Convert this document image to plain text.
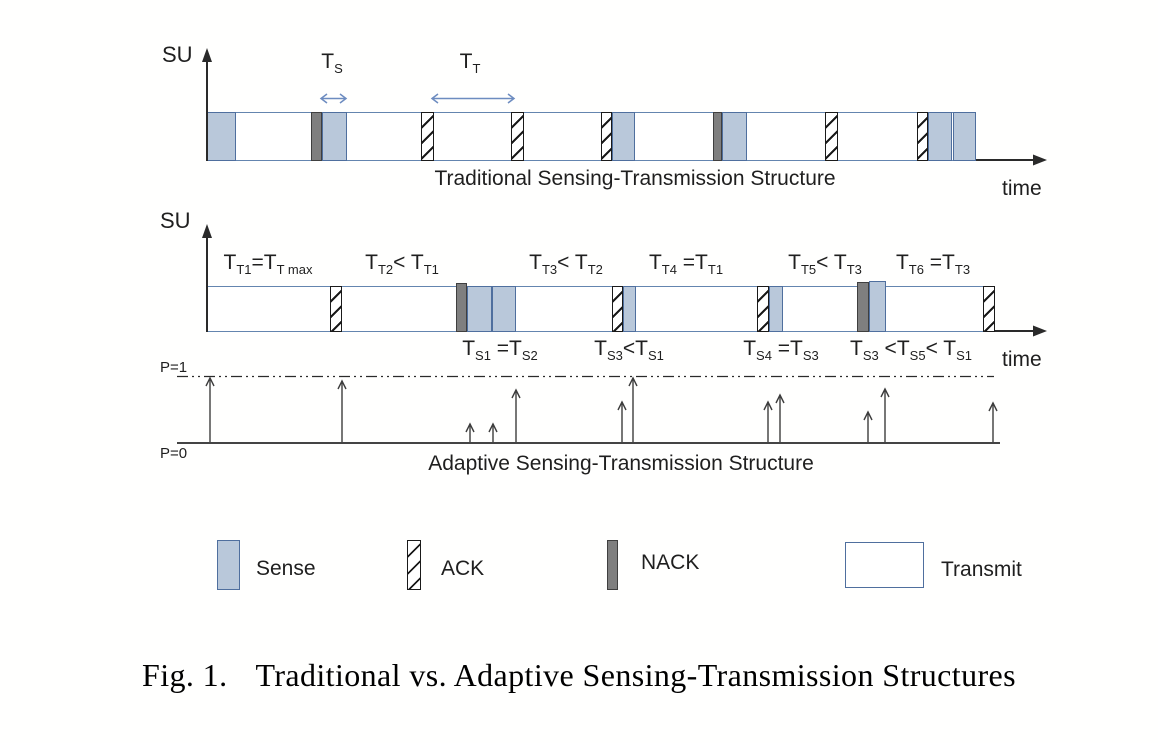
$T_{T1}=T_{T max}$	$T_{T2}< T_{T1}$	$T_{T3}< T_{T2}$ $T_{T4} =T_{T1}$	$T_{T5}< T_{T3}$ $T_{T6} =T_{T3}$
$T_{S1} =T_{S2}$	$T_{S3}<T_{S1}$	$T_{S4} =T_{S3}$ $T_{S3} <T_{S5}< T_{S1}$
SU	$T_S$	$T_T$
Traditional Sensing-Transmission Structure	time
SU
time
Adaptive Sensing-Transmission Structure
P=1
P=0
Sense	ACK	NACK	Transmit
Fig. 1. Traditional vs. Adaptive Sensing-Transmission Structures
